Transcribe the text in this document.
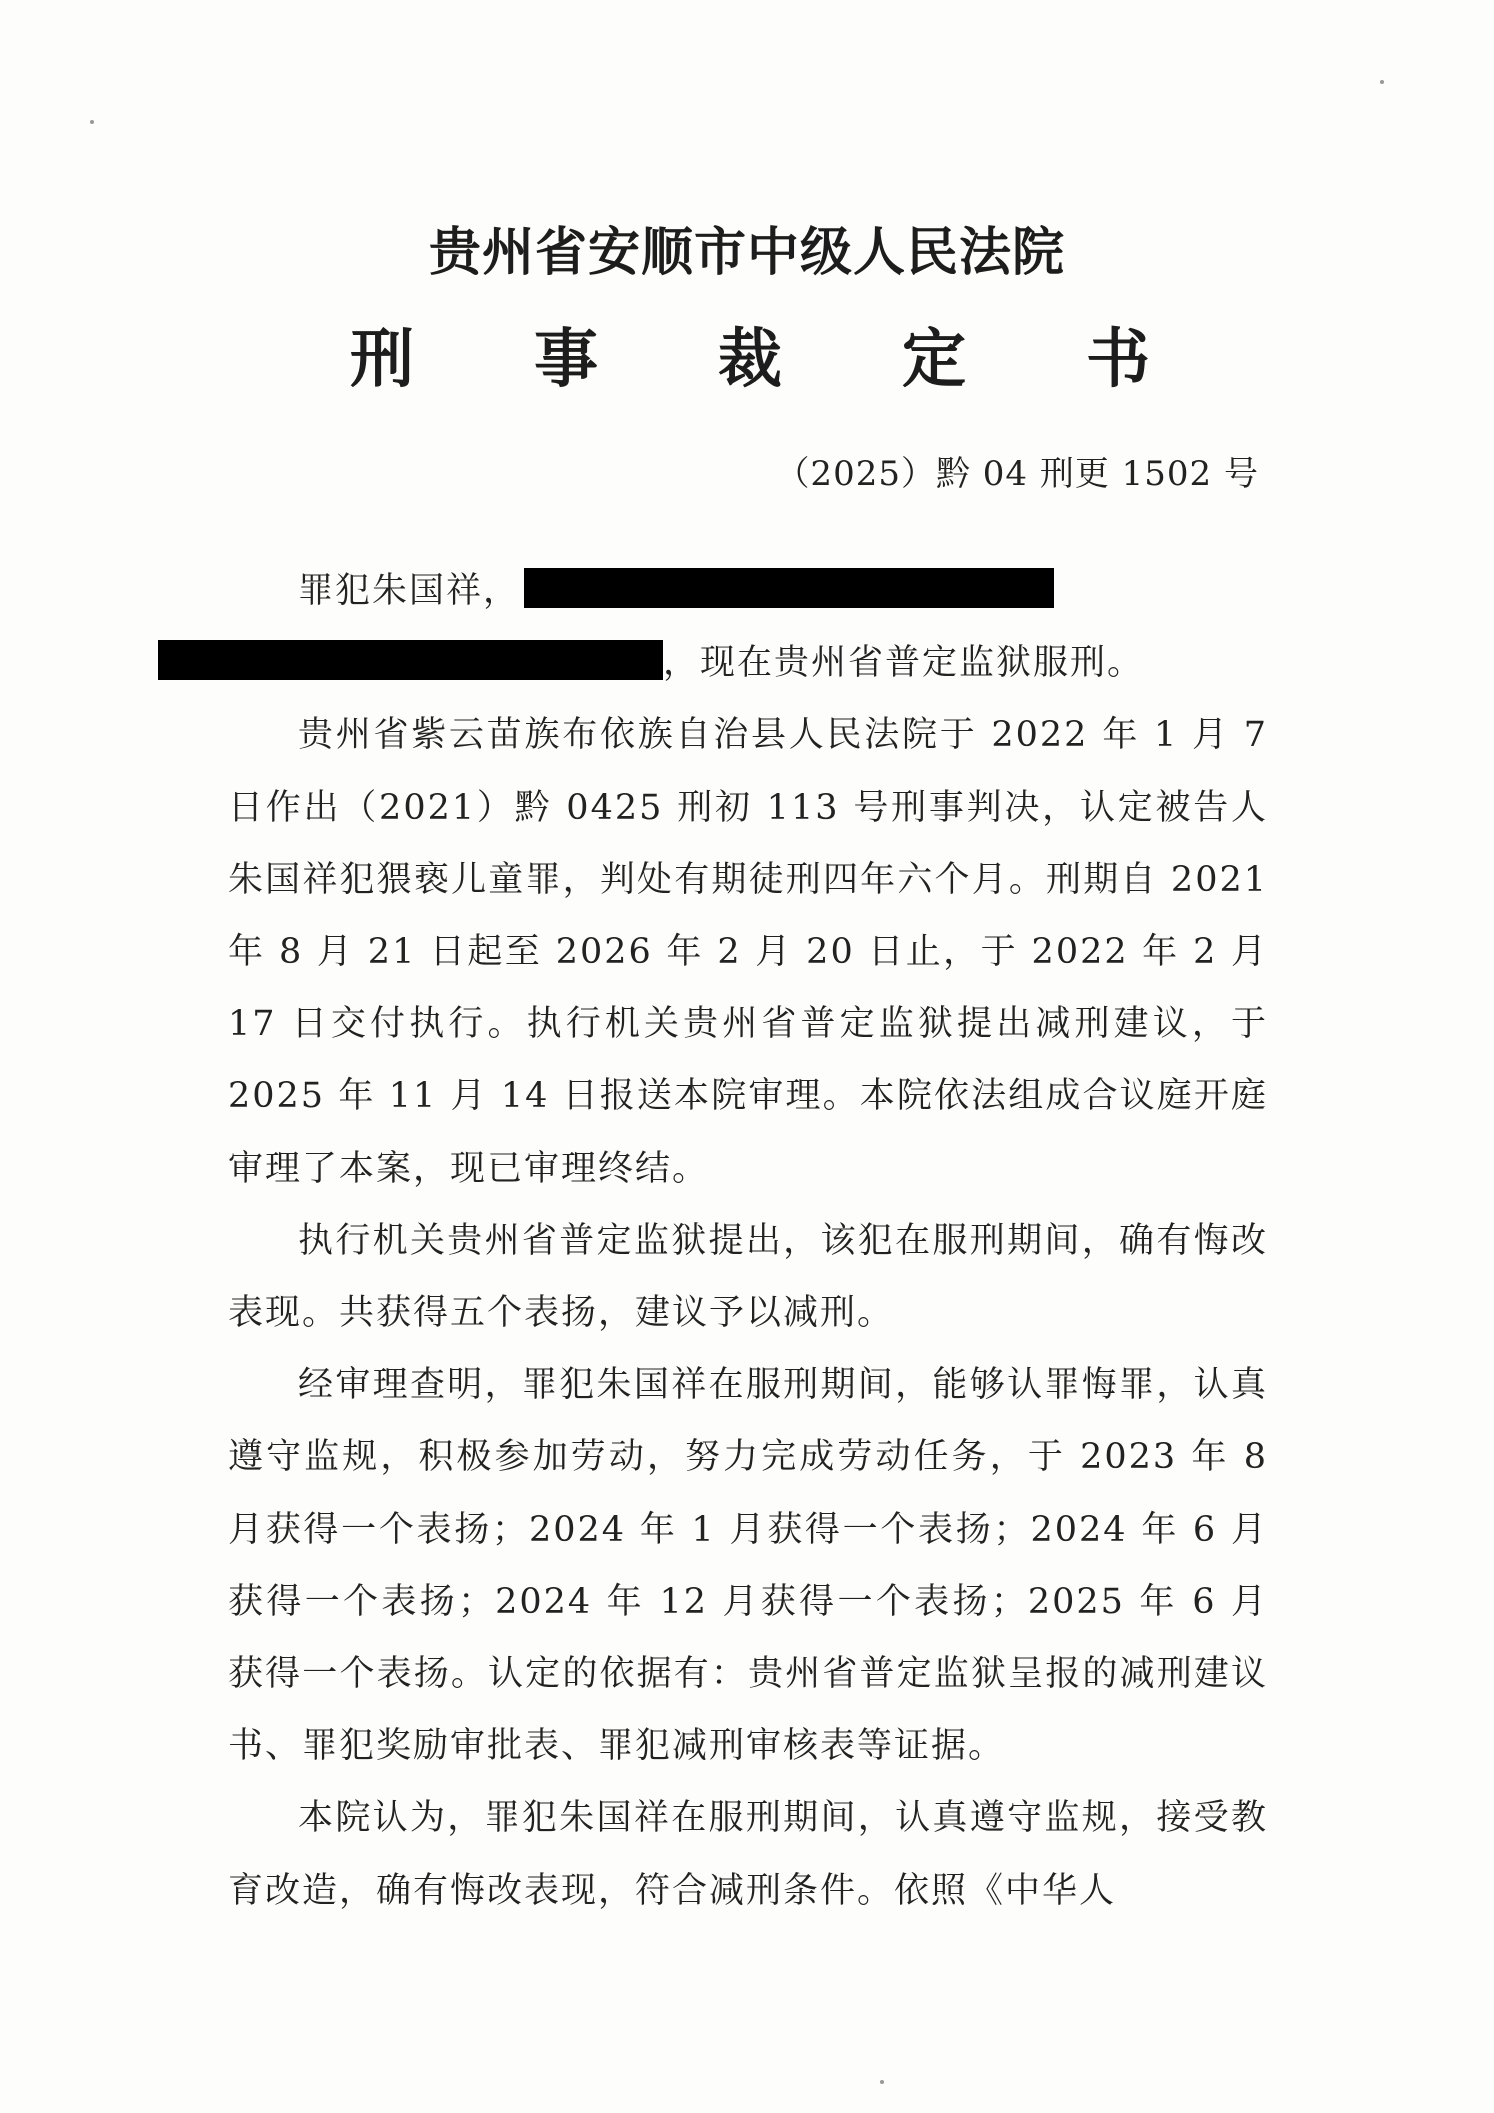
贵州省安顺市中级人民法院
刑 事 裁 定 书
（2025）黔 04 刑更 1502 号

罪犯朱国祥，
，现在贵州省普定监狱服刑。

贵州省紫云苗族布依族自治县人民法院于 2022 年 1 月 7 日作出（2021）黔 0425 刑初 113 号刑事判决，认定被告人朱国祥犯猥亵儿童罪，判处有期徒刑四年六个月。刑期自 2021 年 8 月 21 日起至 2026 年 2 月 20 日止，于 2022 年 2 月 17 日交付执行。执行机关贵州省普定监狱提出减刑建议，于 2025 年 11 月 14 日报送本院审理。本院依法组成合议庭开庭审理了本案，现已审理终结。

执行机关贵州省普定监狱提出，该犯在服刑期间，确有悔改表现。共获得五个表扬，建议予以减刑。

经审理查明，罪犯朱国祥在服刑期间，能够认罪悔罪，认真遵守监规，积极参加劳动，努力完成劳动任务，于 2023 年 8 月获得一个表扬；2024 年 1 月获得一个表扬；2024 年 6 月获得一个表扬；2024 年 12 月获得一个表扬；2025 年 6 月获得一个表扬。认定的依据有：贵州省普定监狱呈报的减刑建议书、罪犯奖励审批表、罪犯减刑审核表等证据。

本院认为，罪犯朱国祥在服刑期间，认真遵守监规，接受教育改造，确有悔改表现，符合减刑条件。依照《中华人
